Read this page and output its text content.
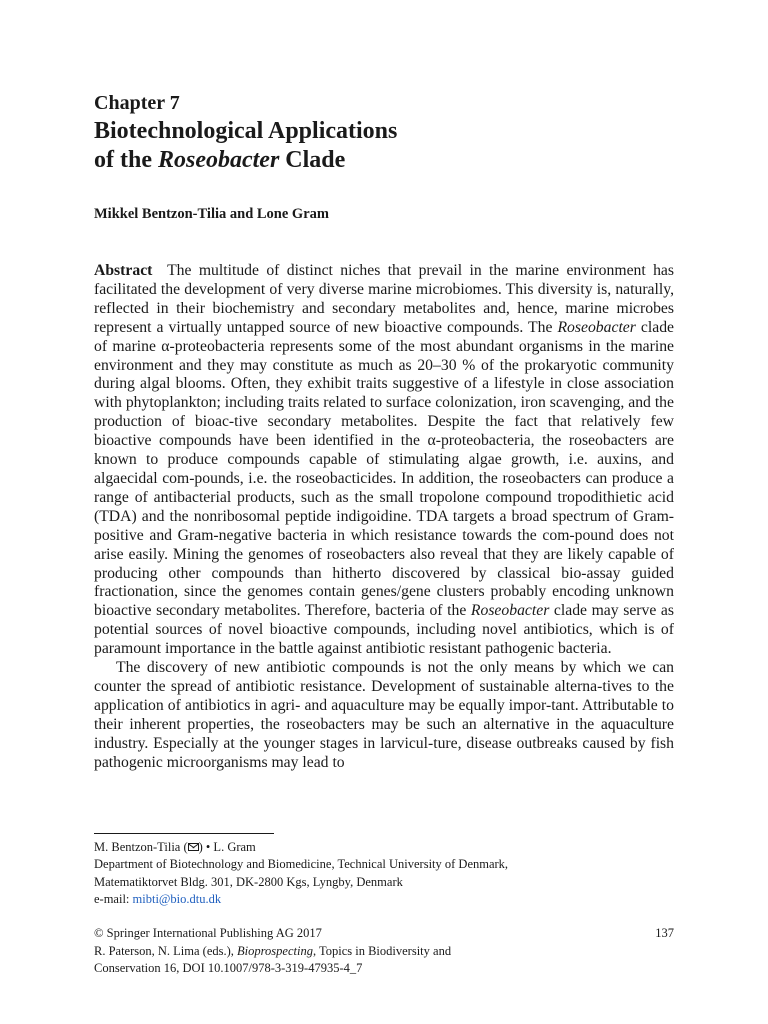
Chapter 7
Biotechnological Applications
of the Roseobacter Clade
Mikkel Bentzon-Tilia and Lone Gram

Abstract The multitude of distinct niches that prevail in the marine environment has facilitated the development of very diverse marine microbiomes. This diversity is, naturally, reflected in their biochemistry and secondary metabolites and, hence, marine microbes represent a virtually untapped source of new bioactive compounds. The Roseobacter clade of marine α-proteobacteria represents some of the most abundant organisms in the marine environment and they may constitute as much as 20–30 % of the prokaryotic community during algal blooms. Often, they exhibit traits suggestive of a lifestyle in close association with phytoplankton; including traits related to surface colonization, iron scavenging, and the production of bioac-tive secondary metabolites. Despite the fact that relatively few bioactive compounds have been identified in the α-proteobacteria, the roseobacters are known to produce compounds capable of stimulating algae growth, i.e. auxins, and algaecidal com-pounds, i.e. the roseobacticides. In addition, the roseobacters can produce a range of antibacterial products, such as the small tropolone compound tropodithietic acid (TDA) and the nonribosomal peptide indigoidine. TDA targets a broad spectrum of Gram-positive and Gram-negative bacteria in which resistance towards the com-pound does not arise easily. Mining the genomes of roseobacters also reveal that they are likely capable of producing other compounds than hitherto discovered by classical bio-assay guided fractionation, since the genomes contain genes/gene clusters probably encoding unknown bioactive secondary metabolites. Therefore, bacteria of the Roseobacter clade may serve as potential sources of novel bioactive compounds, including novel antibiotics, which is of paramount importance in the battle against antibiotic resistant pathogenic bacteria.

The discovery of new antibiotic compounds is not the only means by which we can counter the spread of antibiotic resistance. Development of sustainable alterna-tives to the application of antibiotics in agri- and aquaculture may be equally impor-tant. Attributable to their inherent properties, the roseobacters may be such an alternative in the aquaculture industry. Especially at the younger stages in larvicul-ture, disease outbreaks caused by fish pathogenic microorganisms may lead to

M. Bentzon-Tilia ( ) • L. Gram
Department of Biotechnology and Biomedicine, Technical University of Denmark,
Matematiktorvet Bldg. 301, DK-2800 Kgs, Lyngby, Denmark
e-mail: mibti@bio.dtu.dk
© Springer International Publishing AG 2017	137
R. Paterson, N. Lima (eds.), Bioprospecting, Topics in Biodiversity and
Conservation 16, DOI 10.1007/978-3-319-47935-4_7
